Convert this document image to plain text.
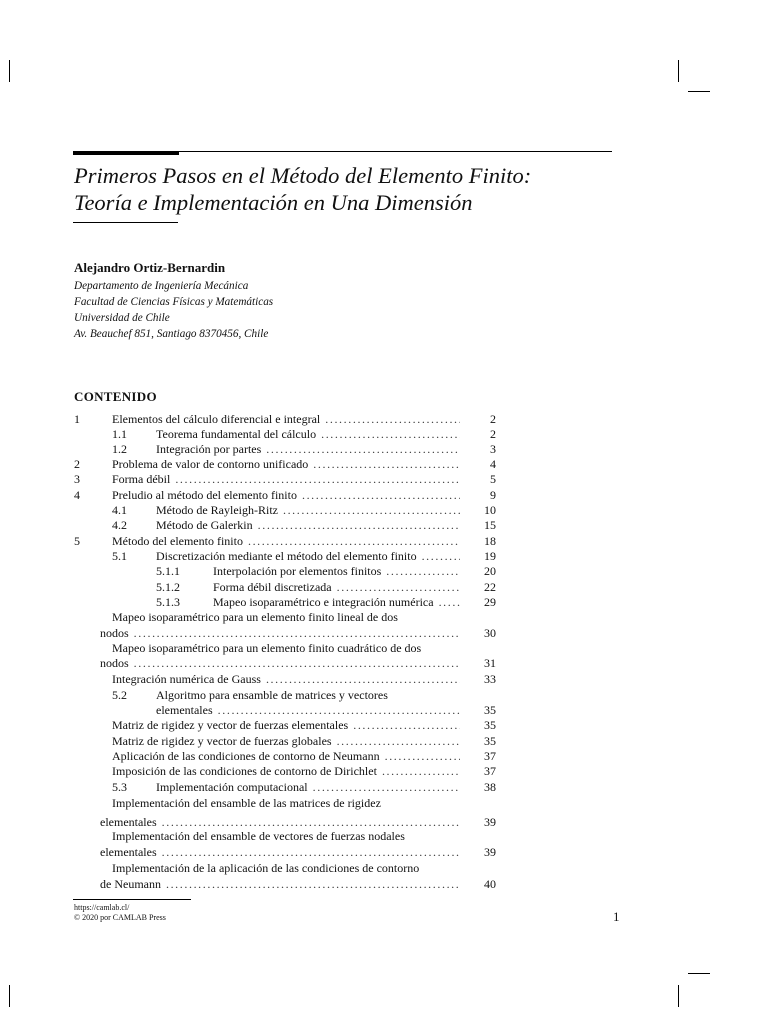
Primeros Pasos en el Método del Elemento Finito:
Teoría e Implementación en Una Dimensión
Alejandro Ortiz-Bernardin
Departamento de Ingeniería Mecánica
Facultad de Ciencias Físicas y Matemáticas
Universidad de Chile
Av. Beauchef 851, Santiago 8370456, Chile
CONTENIDO
1	Elementos del cálculo diferencial e integral .....	2
1.1 Teorema fundamental del cálculo .....	2
1.2 Integración por partes .....	3
2	Problema de valor de contorno unificado .....	4
3	Forma débil .....	5
4	Preludio al método del elemento finito .....	9
4.1 Método de Rayleigh-Ritz .....	10
4.2 Método de Galerkin .....	15
5	Método del elemento finito .....	18
5.1 Discretización mediante el método del elemento finito .....	19
5.1.1	Interpolación por elementos finitos .....	20
5.1.2	Forma débil discretizada .....	22
5.1.3	Mapeo isoparamétrico e integración numérica .....	29
Mapeo isoparamétrico para un elemento finito lineal de dos
nodos .....	30
Mapeo isoparamétrico para un elemento finito cuadrático de dos
nodos .....	31
Integración numérica de Gauss .....	33
5.2 Algoritmo para ensamble de matrices y vectores
elementales .....	35
Matriz de rigidez y vector de fuerzas elementales .....	35
Matriz de rigidez y vector de fuerzas globales .....	35
Aplicación de las condiciones de contorno de Neumann .....	37
Imposición de las condiciones de contorno de Dirichlet .....	37
5.3 Implementación computacional .....	38
Implementación del ensamble de las matrices de rigidez
elementales .....	39
Implementación del ensamble de vectores de fuerzas nodales
elementales .....	39
Implementación de la aplicación de las condiciones de contorno
de Neumann .....	40
https://camlab.cl/
© 2020 por CAMLAB Press	1
